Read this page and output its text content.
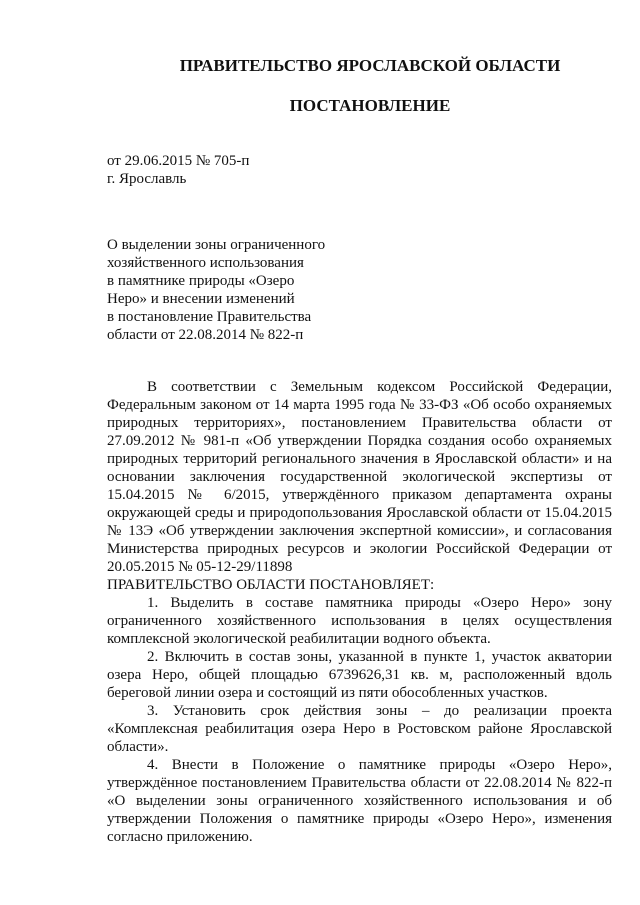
ПРАВИТЕЛЬСТВО ЯРОСЛАВСКОЙ ОБЛАСТИ
ПОСТАНОВЛЕНИЕ
от 29.06.2015 № 705-п
г. Ярославль
О выделении зоны ограниченного
хозяйственного использования
в памятнике природы «Озеро
Неро» и внесении изменений
в постановление Правительства
области от 22.08.2014 № 822-п

В соответствии с Земельным кодексом Российской Федерации, Федеральным законом от 14 марта 1995 года № 33-ФЗ «Об особо охраняемых природных территориях», постановлением Правительства области от 27.09.2012 № 981-п «Об утверждении Порядка создания особо охраняемых природных территорий регионального значения в Ярославской области» и на основании заключения государственной экологической экспертизы от 15.04.2015 № 6/2015, утверждённого приказом департамента охраны окружающей среды и природопользования Ярославской области от 15.04.2015 № 13Э «Об утверждении заключения экспертной комиссии», и согласования Министерства природных ресурсов и экологии Российской Федерации от 20.05.2015 № 05-12-29/11898

ПРАВИТЕЛЬСТВО ОБЛАСТИ ПОСТАНОВЛЯЕТ:

1. Выделить в составе памятника природы «Озеро Неро» зону ограниченного хозяйственного использования в целях осуществления комплексной экологической реабилитации водного объекта.

2. Включить в состав зоны, указанной в пункте 1, участок акватории озера Неро, общей площадью 6739626,31 кв. м, расположенный вдоль береговой линии озера и состоящий из пяти обособленных участков.

3. Установить срок действия зоны – до реализации проекта «Комплексная реабилитация озера Неро в Ростовском районе Ярославской области».

4. Внести в Положение о памятнике природы «Озеро Неро», утверждённое постановлением Правительства области от 22.08.2014 № 822-п «О выделении зоны ограниченного хозяйственного использования и об утверждении Положения о памятнике природы «Озеро Неро», изменения согласно приложению.
